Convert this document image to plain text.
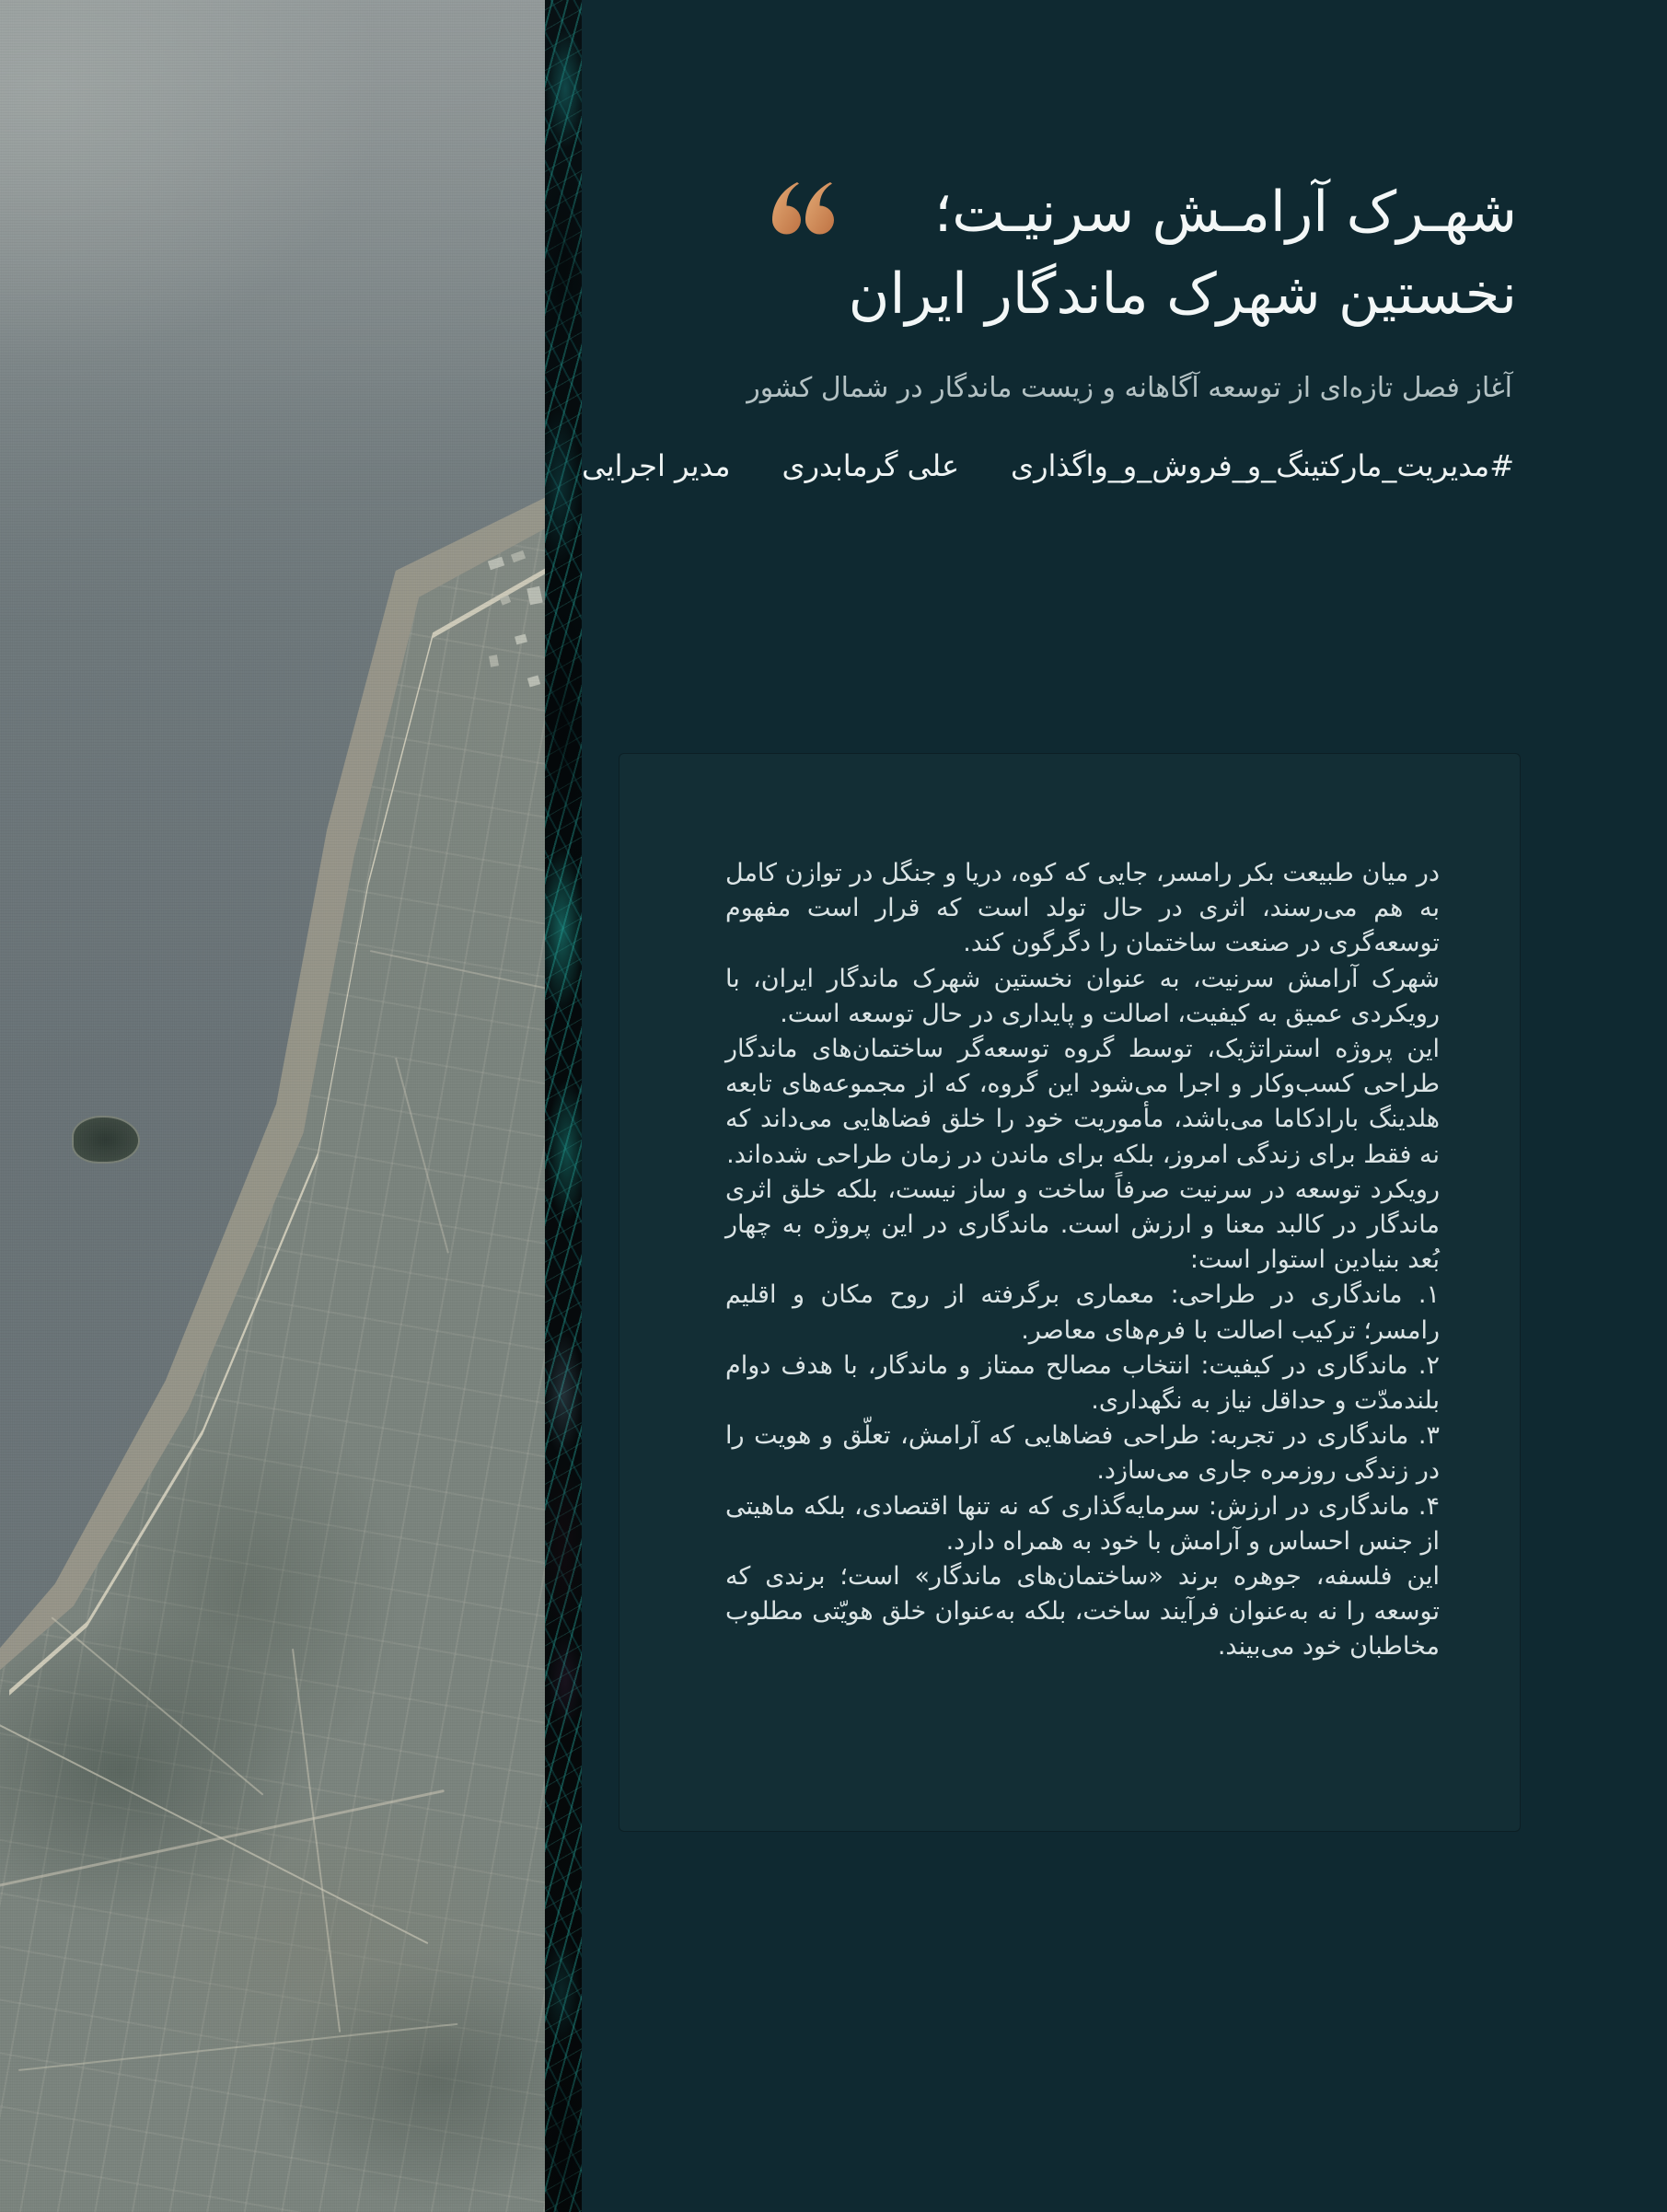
شهـرک آرامـش سرنیـت؛
نخستین شهرک ماندگار ایران
آغاز فصل تازه‌ای از توسعه آگاهانه و زیست ماندگار در شمال کشور
#مدیریت_مارکتینگ_و_فروش_و_واگذاری
علی گرمابدری
مدیر اجرایی

در میان طبیعت بکر رامسر، جایی که کوه، دریا و جنگل در توازن کامل به هم می‌رسند، اثری در حال تولد است که قرار است مفهوم توسعه‌گری در صنعت ساختمان را دگرگون کند.

شهرک آرامش سرنیت، به عنوان نخستین شهرک ماندگار ایران، با رویکردی عمیق به کیفیت، اصالت و پایداری در حال توسعه است.

این پروژه استراتژیک، توسط گروه توسعه‌گر ساختمان‌های ماندگار طراحی کسب‌وکار و اجرا می‌شود این گروه، که از مجموعه‌های تابعه هلدینگ بارادکاما می‌باشد، مأموریت خود را خلق فضاهایی می‌داند که نه فقط برای زندگی امروز، بلکه برای ماندن در زمان طراحی شده‌اند.

رویکرد توسعه در سرنیت صرفاً ساخت و ساز نیست، بلکه خلق اثری ماندگار در کالبد معنا و ارزش است. ماندگاری در این پروژه به چهار بُعد بنیادین استوار است:

۱. ماندگاری در طراحی: معماری برگرفته از روح مکان و اقلیم رامسر؛ ترکیب اصالت با فرم‌های معاصر.

۲. ماندگاری در کیفیت: انتخاب مصالح ممتاز و ماندگار، با هدف دوام بلندمدّت و حداقل نیاز به نگهداری.

۳. ماندگاری در تجربه: طراحی فضاهایی که آرامش، تعلّق و هویت را در زندگی روزمره جاری می‌سازد.

۴. ماندگاری در ارزش: سرمایه‌گذاری که نه تنها اقتصادی، بلکه ماهیتی از جنس احساس و آرامش با خود به همراه دارد.

این فلسفه، جوهره برند «ساختمان‌های ماندگار» است؛ برندی که توسعه را نه به‌عنوان فرآیند ساخت، بلکه به‌عنوان خلق هویّتی مطلوب مخاطبان خود می‌بیند.
